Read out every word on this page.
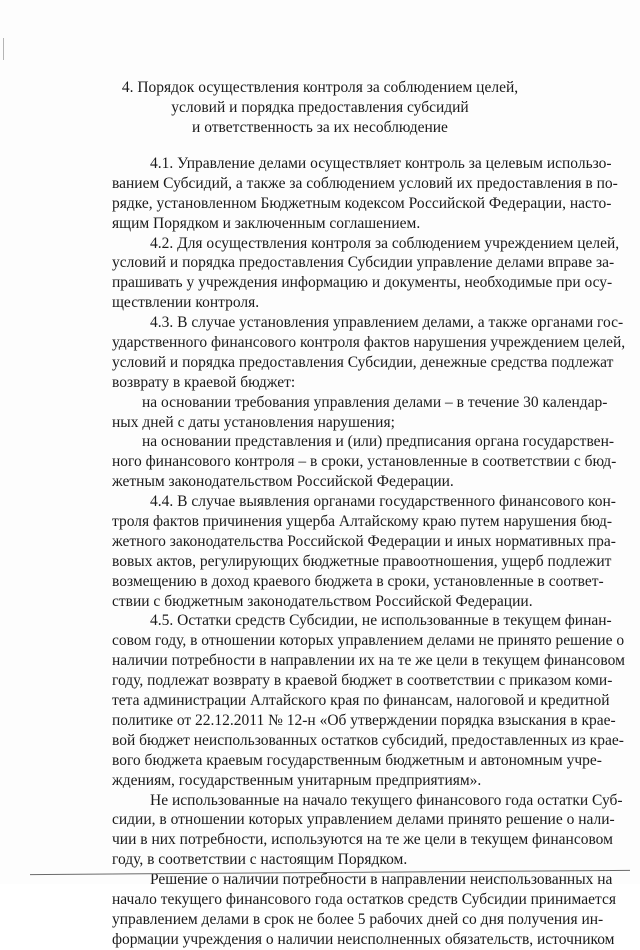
4. Порядок осуществления контроля за соблюдением целей,
условий и порядка предоставления субсидий
и ответственность за их несоблюдение
4.1. Управление делами осуществляет контроль за целевым использо-
ванием Субсидий, а также за соблюдением условий их предоставления в по-
рядке, установленном Бюджетным кодексом Российской Федерации, насто-
ящим Порядком и заключенным соглашением.
4.2. Для осуществления контроля за соблюдением учреждением целей,
условий и порядка предоставления Субсидии управление делами вправе за-
прашивать у учреждения информацию и документы, необходимые при осу-
ществлении контроля.
4.3. В случае установления управлением делами, а также органами гос-
ударственного финансового контроля фактов нарушения учреждением целей,
условий и порядка предоставления Субсидии, денежные средства подлежат
возврату в краевой бюджет:
на основании требования управления делами – в течение 30 календар-
ных дней с даты установления нарушения;
на основании представления и (или) предписания органа государствен-
ного финансового контроля – в сроки, установленные в соответствии с бюд-
жетным законодательством Российской Федерации.
4.4. В случае выявления органами государственного финансового кон-
троля фактов причинения ущерба Алтайскому краю путем нарушения бюд-
жетного законодательства Российской Федерации и иных нормативных пра-
вовых актов, регулирующих бюджетные правоотношения, ущерб подлежит
возмещению в доход краевого бюджета в сроки, установленные в соответ-
ствии с бюджетным законодательством Российской Федерации.
4.5. Остатки средств Субсидии, не использованные в текущем финан-
совом году, в отношении которых управлением делами не принято решение о
наличии потребности в направлении их на те же цели в текущем финансовом
году, подлежат возврату в краевой бюджет в соответствии с приказом коми-
тета администрации Алтайского края по финансам, налоговой и кредитной
политике от 22.12.2011 № 12-н «Об утверждении порядка взыскания в крае-
вой бюджет неиспользованных остатков субсидий, предоставленных из крае-
вого бюджета краевым государственным бюджетным и автономным учре-
ждениям, государственным унитарным предприятиям».
Не использованные на начало текущего финансового года остатки Суб-
сидии, в отношении которых управлением делами принято решение о нали-
чии в них потребности, используются на те же цели в текущем финансовом
году, в соответствии с настоящим Порядком.
Решение о наличии потребности в направлении неиспользованных на
начало текущего финансового года остатков средств Субсидии принимается
управлением делами в срок не более 5 рабочих дней со дня получения ин-
формации учреждения о наличии неисполненных обязательств, источником
